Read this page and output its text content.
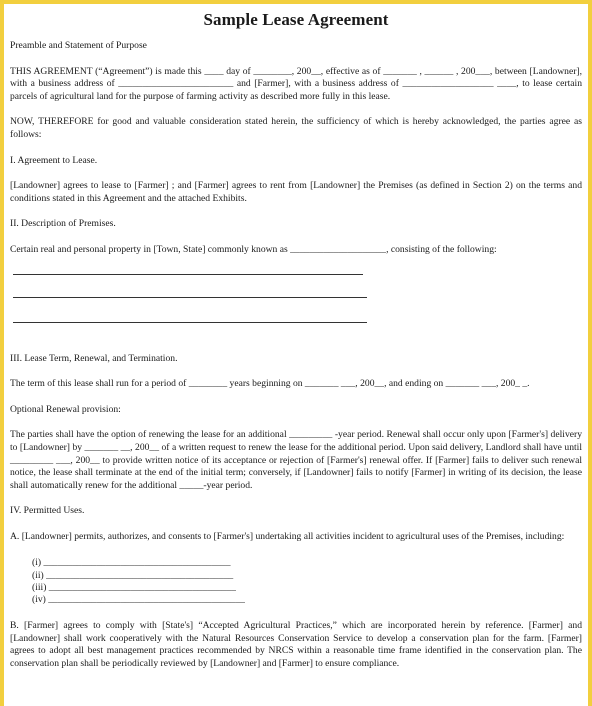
Sample Lease Agreement

Preamble and Statement of Purpose

THIS AGREEMENT (“Agreement”) is made this ____ day of ________, 200__, effective as of _______ , ______ , 200___, between [Landowner], with a business address of ________________________ and [Farmer], with a business address of ___________________ ____, to lease certain parcels of agricultural land for the purpose of farming activity as described more fully in this lease.

NOW, THEREFORE for good and valuable consideration stated herein, the sufficiency of which is hereby acknowledged, the parties agree as follows:

I. Agreement to Lease.

[Landowner] agrees to lease to [Farmer] ; and [Farmer] agrees to rent from [Landowner] the Premises (as defined in Section 2) on the terms and conditions stated in this Agreement and the attached Exhibits.

II. Description of Premises.

Certain real and personal property in [Town, State] commonly known as ____________________, consisting of the following:

III. Lease Term, Renewal, and Termination.

The term of this lease shall run for a period of ________ years beginning on _______ ___, 200__, and ending on _______ ___, 200_ _.

Optional Renewal provision:

The parties shall have the option of renewing the lease for an additional _________ -year period. Renewal shall occur only upon [Farmer's] delivery to [Landowner] by _______ __, 200__ of a written request to renew the lease for the additional period. Upon said delivery, Landlord shall have until _________ ___, 200__ to provide written notice of its acceptance or rejection of [Farmer's] renewal offer. If [Farmer] fails to deliver such renewal notice, the lease shall terminate at the end of the initial term; conversely, if [Landowner] fails to notify [Farmer] in writing of its decision, the lease shall automatically renew for the additional _____-year period.

IV. Permitted Uses.

A. [Landowner] permits, authorizes, and consents to [Farmer's] undertaking all activities incident to agricultural uses of the Premises, including:

(i) _______________________________________

(ii) _______________________________________

(iii) _______________________________________

(iv) _________________________________________

B. [Farmer] agrees to comply with [State's] “Accepted Agricultural Practices,” which are incorporated herein by reference. [Farmer] and [Landowner] shall work cooperatively with the Natural Resources Conservation Service to develop a conservation plan for the farm. [Farmer] agrees to adopt all best management practices recommended by NRCS within a reasonable time frame identified in the conservation plan. The conservation plan shall be periodically reviewed by [Landowner] and [Farmer] to ensure compliance.
